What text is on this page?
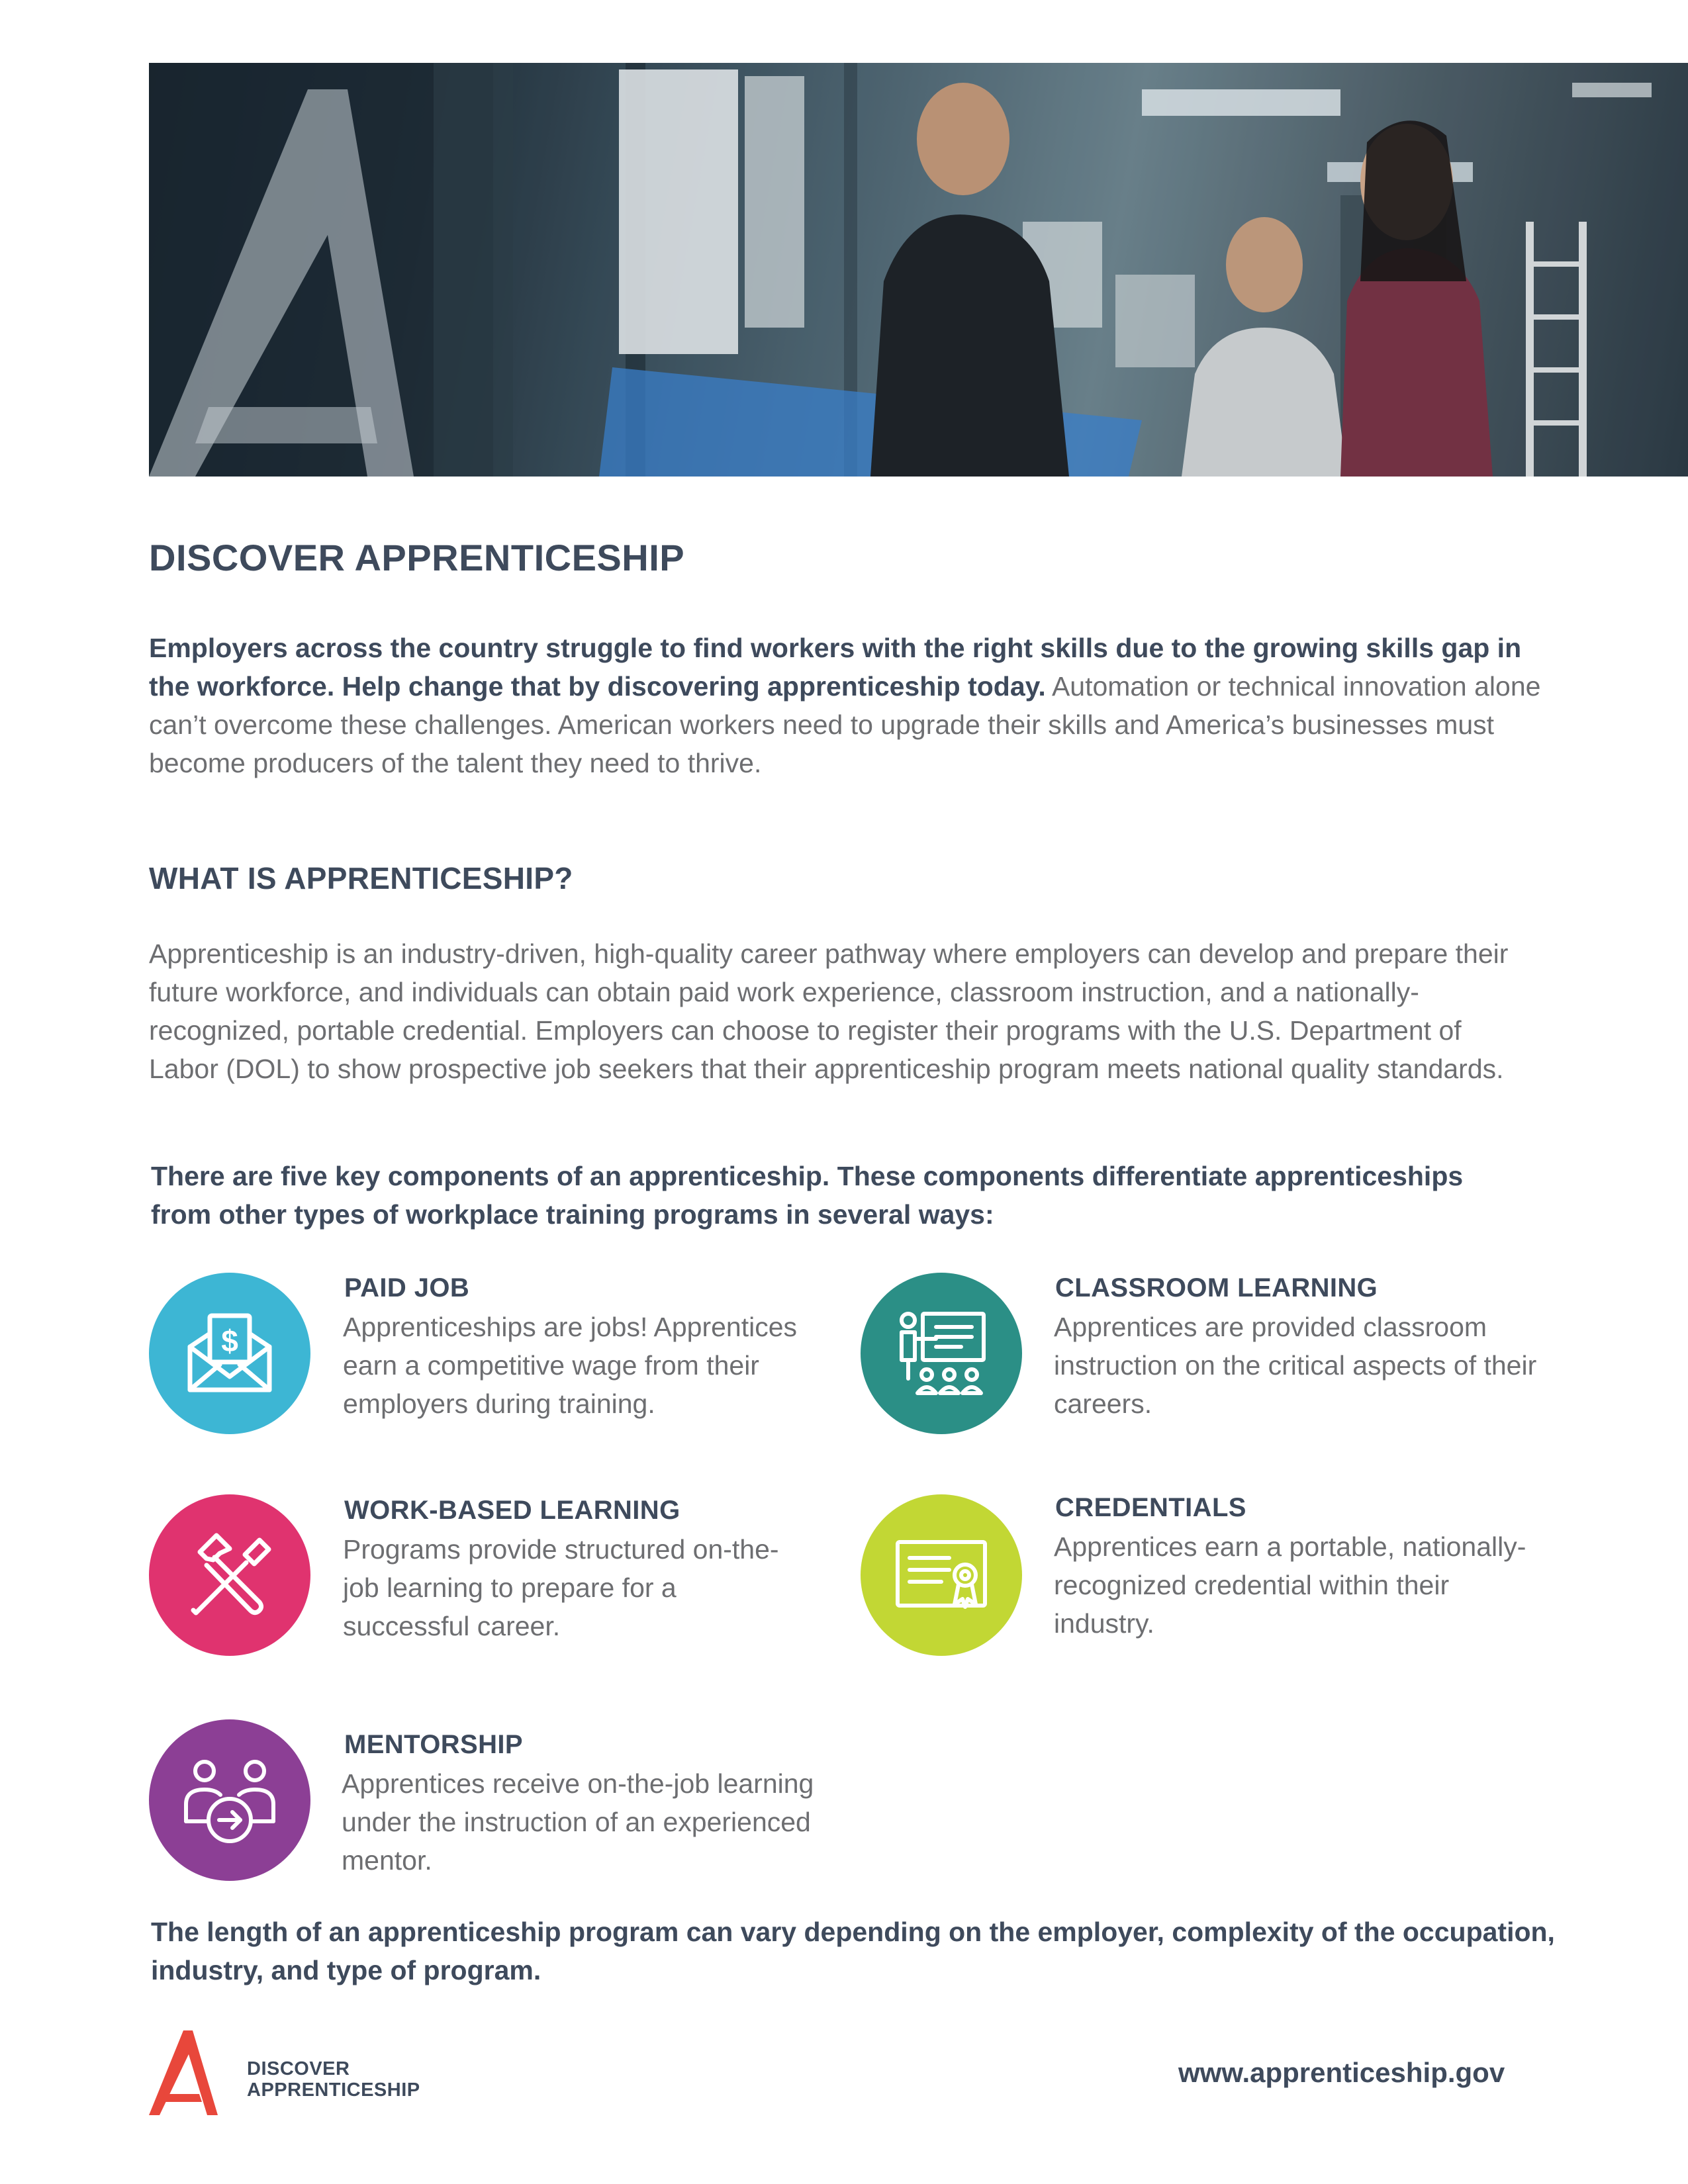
DISCOVER APPRENTICESHIP
Employers across the country struggle to find workers with the right skills due to the growing skills gap in the workforce. Help change that by discovering apprenticeship today. Automation or technical innovation alone can’t overcome these challenges. American workers need to upgrade their skills and America’s businesses must become producers of the talent they need to thrive.
WHAT IS APPRENTICESHIP?
Apprenticeship is an industry-driven, high-quality career pathway where employers can develop and prepare their future workforce, and individuals can obtain paid work experience, classroom instruction, and a nationally-recognized, portable credential. Employers can choose to register their programs with the U.S. Department of Labor (DOL) to show prospective job seekers that their apprenticeship program meets national quality standards.
There are five key components of an apprenticeship. These components differentiate apprenticeships from other types of workplace training programs in several ways:
$
PAID JOB
Apprenticeships are jobs! Apprentices earn a competitive wage from their employers during training.
CLASSROOM LEARNING
Apprentices are provided classroom instruction on the critical aspects of their careers.
WORK-BASED LEARNING
Programs provide structured on-the-job learning to prepare for a successful career.
CREDENTIALS
Apprentices earn a portable, nationally-recognized credential within their industry.
MENTORSHIP
Apprentices receive on-the-job learning under the instruction of an experienced mentor.
The length of an apprenticeship program can vary depending on the employer, complexity of the occupation, industry, and type of program.
DISCOVER
APPRENTICESHIP
www.apprenticeship.gov
